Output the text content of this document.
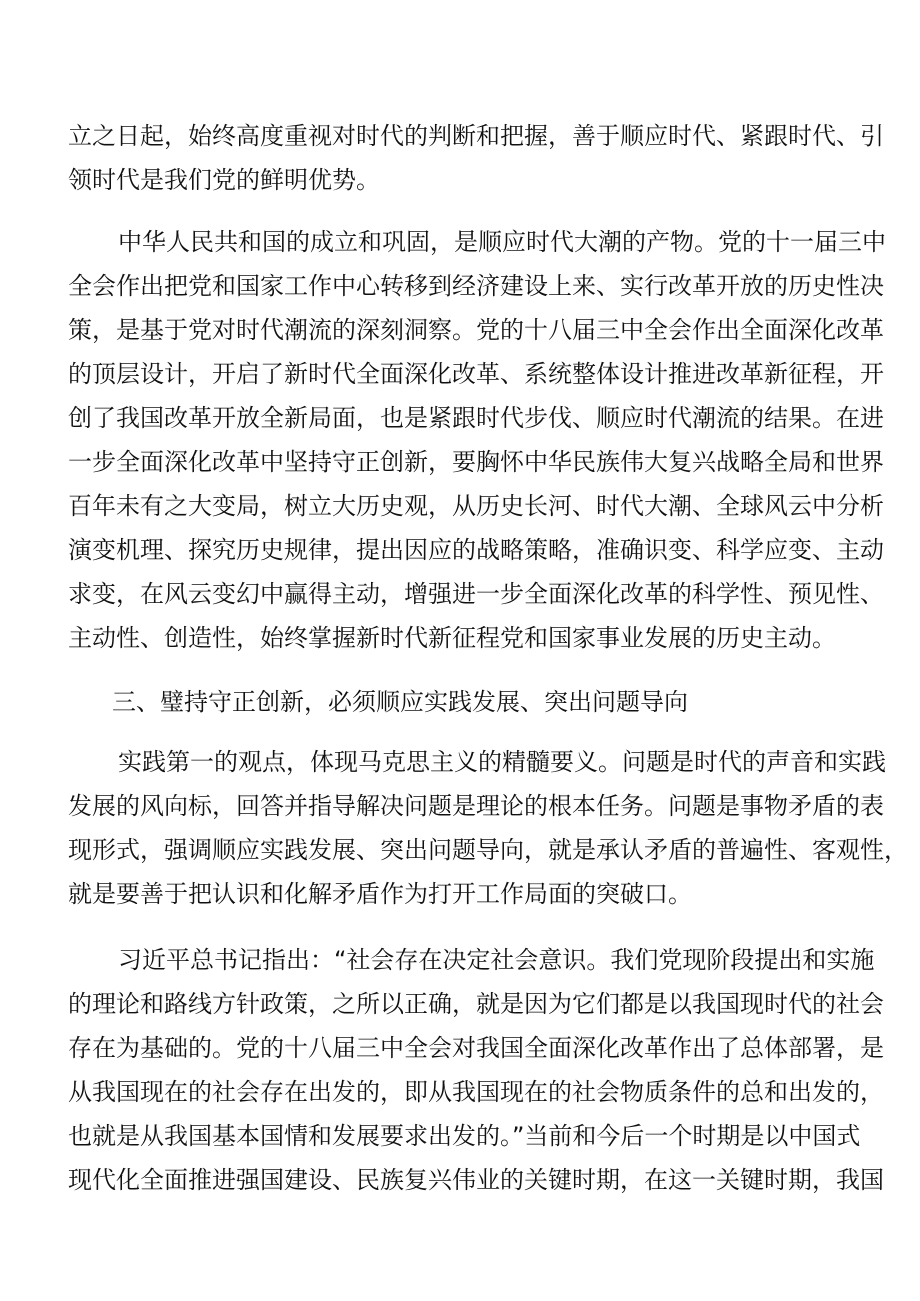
立之日起，始终高度重视对时代的判断和把握，善于顺应时代、紧跟时代、引
领时代是我们党的鲜明优势。
中华人民共和国的成立和巩固，是顺应时代大潮的产物。党的十一届三中
全会作出把党和国家工作中心转移到经济建设上来、实行改革开放的历史性决
策，是基于党对时代潮流的深刻洞察。党的十八届三中全会作出全面深化改革
的顶层设计，开启了新时代全面深化改革、系统整体设计推进改革新征程，开
创了我国改革开放全新局面，也是紧跟时代步伐、顺应时代潮流的结果。在进
一步全面深化改革中坚持守正创新，要胸怀中华民族伟大复兴战略全局和世界
百年未有之大变局，树立大历史观，从历史长河、时代大潮、全球风云中分析
演变机理、探究历史规律，提出因应的战略策略，准确识变、科学应变、主动
求变，在风云变幻中赢得主动，增强进一步全面深化改革的科学性、预见性、
主动性、创造性，始终掌握新时代新征程党和国家事业发展的历史主动。
三、璧持守正创新，必须顺应实践发展、突出问题导向
实践第一的观点，体现马克思主义的精髓要义。问题是时代的声音和实践
发展的风向标，回答并指导解决问题是理论的根本任务。问题是事物矛盾的表
现形式，强调顺应实践发展、突出问题导向，就是承认矛盾的普遍性、客观性，
就是要善于把认识和化解矛盾作为打开工作局面的突破口。
习近平总书记指出：“社会存在决定社会意识。我们党现阶段提出和实施
的理论和路线方针政策，之所以正确，就是因为它们都是以我国现时代的社会
存在为基础的。党的十八届三中全会对我国全面深化改革作出了总体部署，是
从我国现在的社会存在出发的，即从我国现在的社会物质条件的总和出发的，
也就是从我国基本国情和发展要求出发的。”当前和今后一个时期是以中国式
现代化全面推进强国建设、民族复兴伟业的关键时期，在这一关键时期，我国
